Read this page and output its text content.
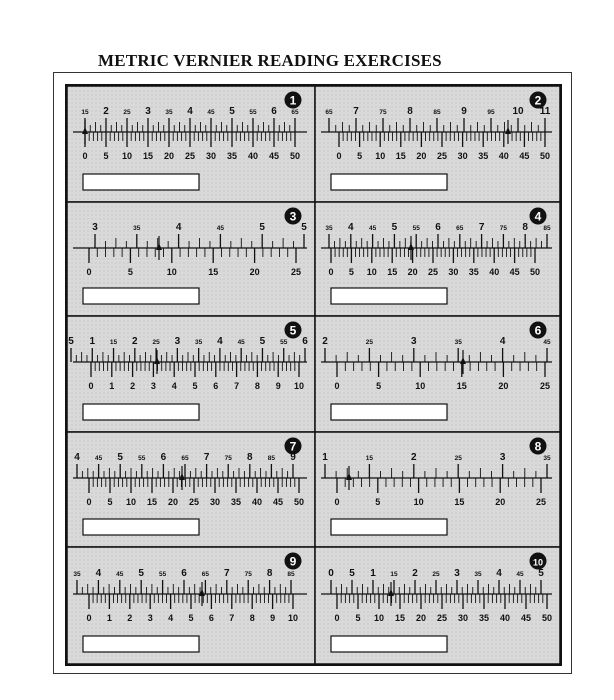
METRIC VERNIER READING EXERCISES
1
15 2 25 3 35 4 45 5 55 6 65
0 5 10 15 20 25 30 35 40 45 50
2
65 7	75 8	85 9	95 10 11
0 5 10 15 20 25 30 35 40 45 50
3
3	35	4	45	5	5
0	5	10	15	20	25
4
35 4 45 5 55 6 65 7 75 8 85
0 5 10 15 20 25 30 35 40 45 50
5
5 1 15 2 25 3 35 4 45 5 55 6
0 1 2 3 4 5 6 7 8 9 10
6
2	25	3	35	4	45
0	5	10	15	20	25
7
4 45 5 55 6 65 7 75 8 85 9
0 5 10 15 20 25 30 35 40 45 50
8
1	15	2	25	3	35
0	5	10	15	20	25
9
35 4 45 5 55 6 65 7 75 8 85
0 1 2 3 4 5 6 7 8 9 10
10
0 5 1 15 2 25 3 35 4 45 5
0 5 10 15 20 25 30 35 40 45 50
